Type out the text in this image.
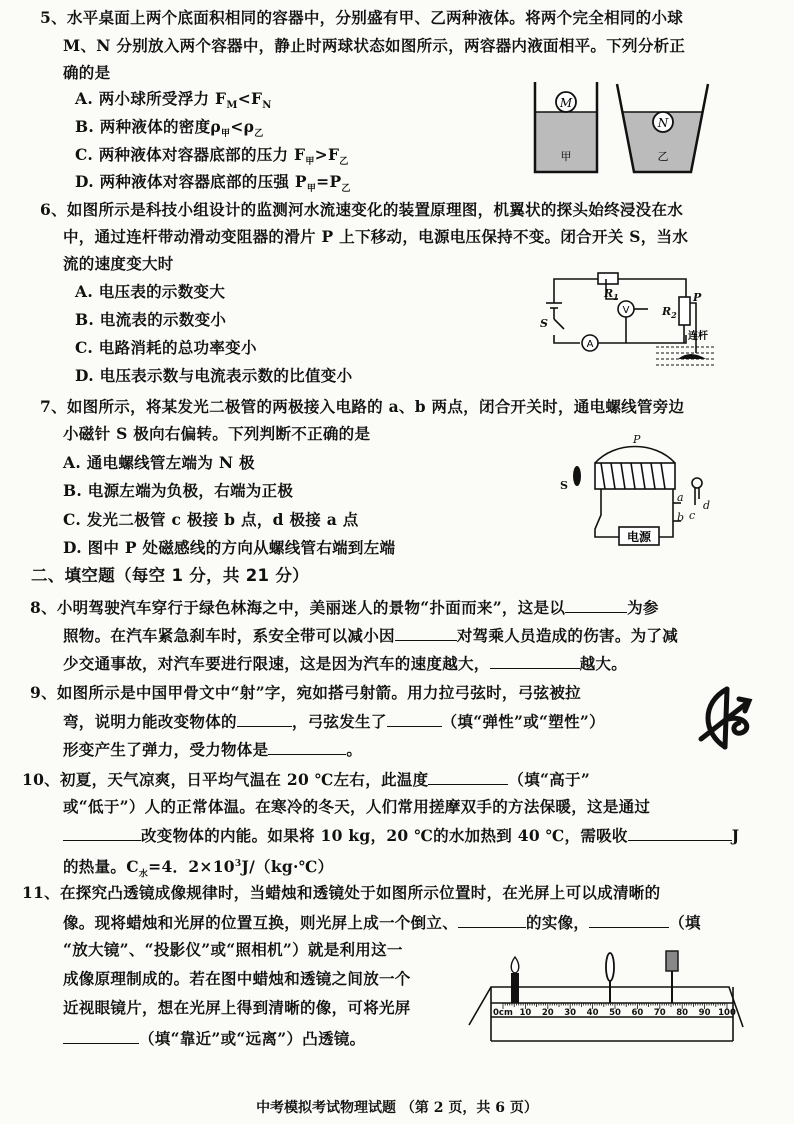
5、水平桌面上两个底面积相同的容器中，分别盛有甲、乙两种液体。将两个完全相同的小球
M、N 分别放入两个容器中，静止时两球状态如图所示，两容器内液面相平。下列分析正
确的是
A. 两小球所受浮力 $F_M<F_N$
B. 两种液体的密度$\rho_甲<\rho_乙$
C. 两种液体对容器底部的压力 $F_甲>F_乙$
D. 两种液体对容器底部的压强 $P_甲=P_乙$
M
甲
N
乙
6、如图所示是科技小组设计的监测河水流速变化的装置原理图，机翼状的探头始终浸没在水
中，通过连杆带动滑动变阻器的滑片 P 上下移动，电源电压保持不变。闭合开关 S，当水
流的速度变大时
A. 电压表的示数变大
B. 电流表的示数变小
C. 电路消耗的总功率变小
D. 电压表示数与电流表示数的比值变小
$R_1$
$R_2$
P
S
V
A
连杆
7、如图所示，将某发光二极管的两极接入电路的 a、b 两点，闭合开关时，通电螺线管旁边
小磁针 S 极向右偏转。下列判断不正确的是
A. 通电螺线管左端为 N 极
B. 电源左端为负极，右端为正极
C. 发光二极管 c 极接 b 点，d 极接 a 点
D. 图中 P 处磁感线的方向从螺线管右端到左端
P
S
a
b c
d
电源
二、填空题（每空 1 分，共 21 分）
8、小明驾驶汽车穿行于绿色林海之中，美丽迷人的景物“扑面而来”，这是以	为参
照物。在汽车紧急刹车时，系安全带可以减小因	对驾乘人员造成的伤害。为了减
少交通事故，对汽车要进行限速，这是因为汽车的速度越大，	越大。
9、如图所示是中国甲骨文中“射”字，宛如搭弓射箭。用力拉弓弦时，弓弦被拉
弯，说明力能改变物体的	，弓弦发生了	（填“弹性”或“塑性”）
形变产生了弹力，受力物体是	。
10、初夏，天气凉爽，日平均气温在 20 ℃左右，此温度	（填“高于”
或“低于”）人的正常体温。在寒冷的冬天，人们常用搓摩双手的方法保暖，这是通过
改变物体的内能。如果将 10 kg，20 ℃的水加热到 40 ℃，需吸收	J
的热量。$C_水=4$．$2\times 10^3J/(kg\cdot℃)$
11、在探究凸透镜成像规律时，当蜡烛和透镜处于如图所示位置时，在光屏上可以成清晰的
像。现将蜡烛和光屏的位置互换，则光屏上成一个倒立、	的实像，	（填
“放大镜”、“投影仪”或“照相机”）就是利用这一
成像原理制成的。若在图中蜡烛和透镜之间放一个
近视眼镜片，想在光屏上得到清晰的像，可将光屏
（填“靠近”或“远离”）凸透镜。
0cm 10 20 30 40 50 60 70 80 90 100
中考模拟考试物理试题 （第 2 页，共 6 页）
